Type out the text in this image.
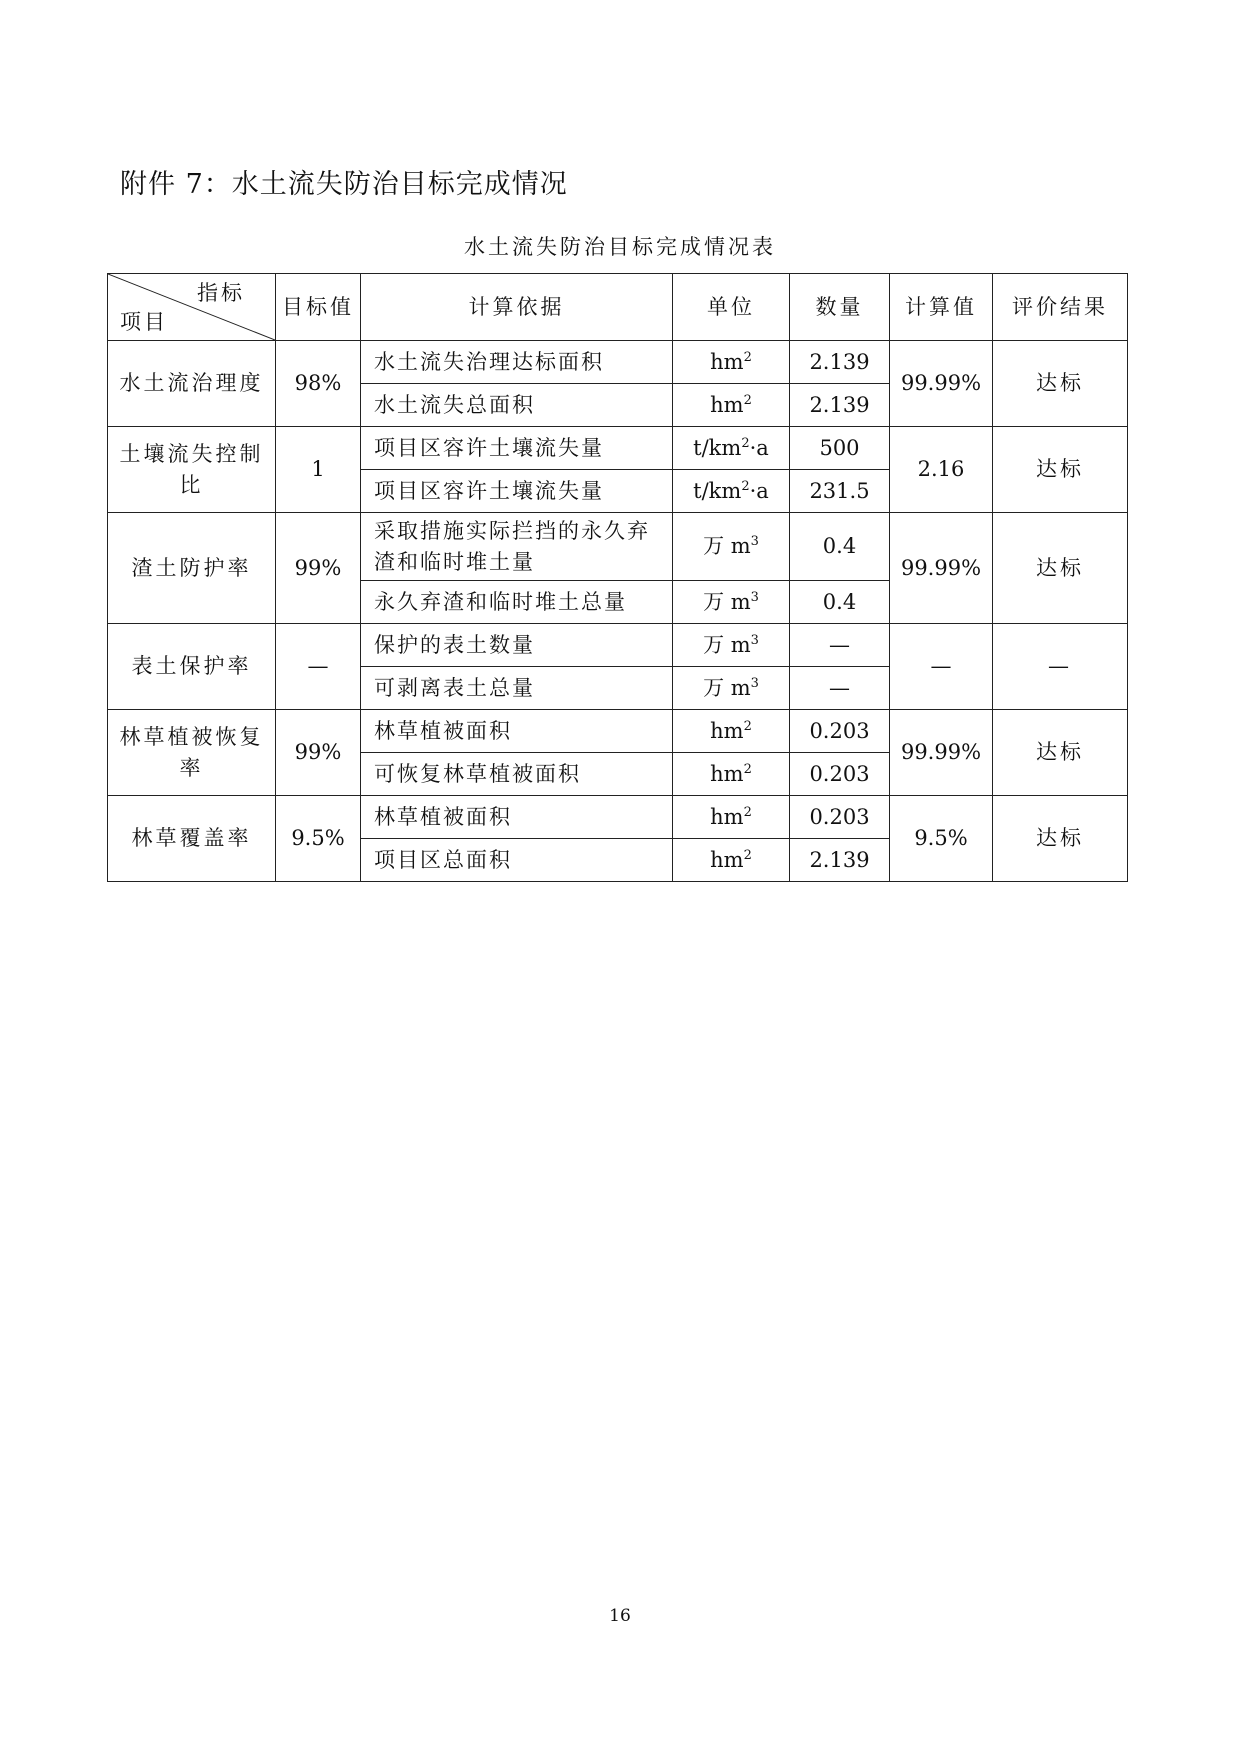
附件 7：水土流失防治目标完成情况
水土流失防治目标完成情况表
指标
项目	目标值	计算依据	单位	数量	计算值	评价结果
水土流治理度	98%	水土流失治理达标面积	$hm^2$	2.139	99.99%	达标
		水土流失总面积	$hm^2$	2.139		
土壤流失控制比	1	项目区容许土壤流失量	$t/km^2\cdot a$	500	2.16	达标
		项目区容许土壤流失量	$t/km^2\cdot a$	231.5		
渣土防护率	99%	采取措施实际拦挡的永久弃渣和临时堆土量	万 $m^3$	0.4	99.99%	达标
		永久弃渣和临时堆土总量	万 $m^3$	0.4		
表土保护率	—	保护的表土数量	万 $m^3$	—	—	—
		可剥离表土总量	万 $m^3$	—		
林草植被恢复率	99%	林草植被面积	$hm^2$	0.203	99.99%	达标
		可恢复林草植被面积	$hm^2$	0.203		
林草覆盖率	9.5%	林草植被面积	$hm^2$	0.203	9.5%	达标
		项目区总面积	$hm^2$	2.139		
16
